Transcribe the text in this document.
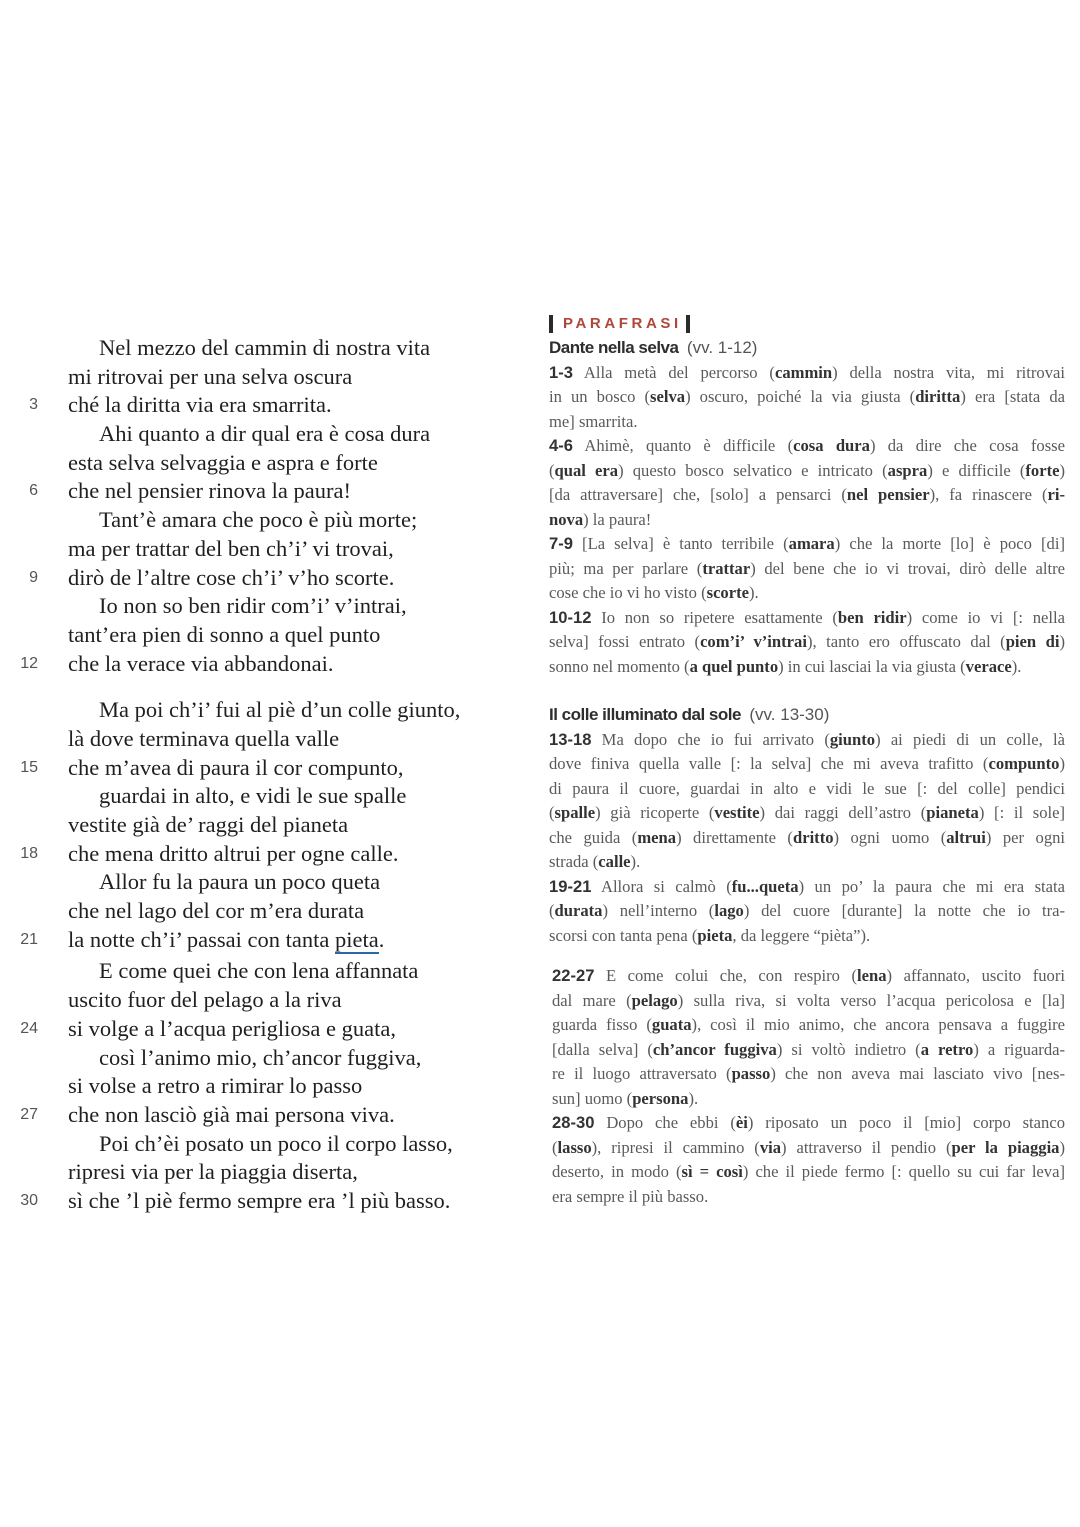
Nel mezzo del cammin di nostra vita
mi ritrovai per una selva oscura
3 ché la diritta via era smarrita.
Ahi quanto a dir qual era è cosa dura
esta selva selvaggia e aspra e forte
6 che nel pensier rinova la paura!
Tant’è amara che poco è più morte;
ma per trattar del ben ch’i’ vi trovai,
9 dirò de l’altre cose ch’i’ v’ho scorte.
Io non so ben ridir com’i’ v’intrai,
tant’era pien di sonno a quel punto
12 che la verace via abbandonai.
Ma poi ch’i’ fui al piè d’un colle giunto,
là dove terminava quella valle
15 che m’avea di paura il cor compunto,
guardai in alto, e vidi le sue spalle
vestite già de’ raggi del pianeta
18 che mena dritto altrui per ogne calle.
Allor fu la paura un poco queta
che nel lago del cor m’era durata
21 la notte ch’i’ passai con tanta pieta.
E come quei che con lena affannata
uscito fuor del pelago a la riva
24 si volge a l’acqua perigliosa e guata,
così l’animo mio, ch’ancor fuggiva,
si volse a retro a rimirar lo passo
27 che non lasciò già mai persona viva.
Poi ch’èi posato un poco il corpo lasso,
ripresi via per la piaggia diserta,
30 sì che ’l piè fermo sempre era ’l più basso.
PARAFRASI
Dante nella selva (vv. 1-12)
1-3 Alla metà del percorso (cammin) della nostra vita, mi ritrovai
in un bosco (selva) oscuro, poiché la via giusta (diritta) era [stata da
me] smarrita.
4-6 Ahimè, quanto è difficile (cosa dura) da dire che cosa fosse
(qual era) questo bosco selvatico e intricato (aspra) e difficile (forte)
[da attraversare] che, [solo] a pensarci (nel pensier), fa rinascere (ri-
nova) la paura!
7-9 [La selva] è tanto terribile (amara) che la morte [lo] è poco [di]
più; ma per parlare (trattar) del bene che io vi trovai, dirò delle altre
cose che io vi ho visto (scorte).
10-12 Io non so ripetere esattamente (ben ridir) come io vi [: nella
selva] fossi entrato (com’i’ v’intrai), tanto ero offuscato dal (pien di)
sonno nel momento (a quel punto) in cui lasciai la via giusta (verace).
Il colle illuminato dal sole (vv. 13-30)
13-18 Ma dopo che io fui arrivato (giunto) ai piedi di un colle, là
dove finiva quella valle [: la selva] che mi aveva trafitto (compunto)
di paura il cuore, guardai in alto e vidi le sue [: del colle] pendici
(spalle) già ricoperte (vestite) dai raggi dell’astro (pianeta) [: il sole]
che guida (mena) direttamente (dritto) ogni uomo (altrui) per ogni
strada (calle).
19-21 Allora si calmò (fu...queta) un po’ la paura che mi era stata
(durata) nell’interno (lago) del cuore [durante] la notte che io tra-
scorsi con tanta pena (pieta, da leggere “pièta”).
22-27 E come colui che, con respiro (lena) affannato, uscito fuori
dal mare (pelago) sulla riva, si volta verso l’acqua pericolosa e [la]
guarda fisso (guata), così il mio animo, che ancora pensava a fuggire
[dalla selva] (ch’ancor fuggiva) si voltò indietro (a retro) a riguarda-
re il luogo attraversato (passo) che non aveva mai lasciato vivo [nes-
sun] uomo (persona).
28-30 Dopo che ebbi (èi) riposato un poco il [mio] corpo stanco
(lasso), ripresi il cammino (via) attraverso il pendio (per la piaggia)
deserto, in modo (sì = così) che il piede fermo [: quello su cui far leva]
era sempre il più basso.
